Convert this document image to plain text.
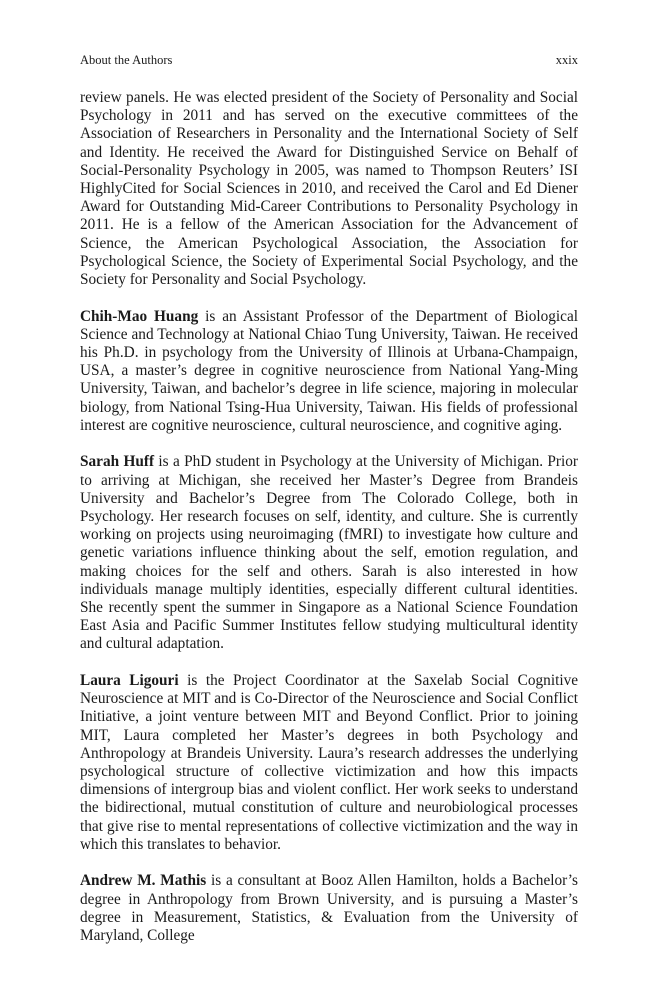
About the Authors	xxix

review panels. He was elected president of the Society of Personality and Social Psychology in 2011 and has served on the executive committees of the Association of Researchers in Personality and the International Society of Self and Identity. He received the Award for Distinguished Service on Behalf of Social-Personality Psychology in 2005, was named to Thompson Reuters’ ISI HighlyCited for Social Sciences in 2010, and received the Carol and Ed Diener Award for Outstanding Mid-Career Contributions to Personality Psychology in 2011. He is a fellow of the American Association for the Advancement of Science, the American Psychological Association, the Association for Psychological Science, the Society of Experimental Social Psychology, and the Society for Personality and Social Psychology.

Chih-Mao Huang is an Assistant Professor of the Department of Biological Science and Technology at National Chiao Tung University, Taiwan. He received his Ph.D. in psychology from the University of Illinois at Urbana-Champaign, USA, a master’s degree in cognitive neuroscience from National Yang-Ming University, Taiwan, and bachelor’s degree in life science, majoring in molecular biology, from National Tsing-Hua University, Taiwan. His fields of professional interest are cognitive neuroscience, cultural neuroscience, and cognitive aging.

Sarah Huff is a PhD student in Psychology at the University of Michigan. Prior to arriving at Michigan, she received her Master’s Degree from Brandeis University and Bachelor’s Degree from The Colorado College, both in Psychology. Her research focuses on self, identity, and culture. She is currently working on projects using neuroimaging (fMRI) to investigate how culture and genetic variations influence thinking about the self, emotion regulation, and making choices for the self and others. Sarah is also interested in how individuals manage multiply identities, especially different cultural identities. She recently spent the summer in Singapore as a National Science Foundation East Asia and Pacific Summer Institutes fellow studying multicultural identity and cultural adaptation.

Laura Ligouri is the Project Coordinator at the Saxelab Social Cognitive Neuroscience at MIT and is Co-Director of the Neuroscience and Social Conflict Initiative, a joint venture between MIT and Beyond Conflict. Prior to joining MIT, Laura completed her Master’s degrees in both Psychology and Anthropology at Brandeis University. Laura’s research addresses the underlying psychological structure of collective victimization and how this impacts dimensions of intergroup bias and violent conflict. Her work seeks to understand the bidirectional, mutual constitution of culture and neurobiological processes that give rise to mental representations of collective victimization and the way in which this translates to behavior.

Andrew M. Mathis is a consultant at Booz Allen Hamilton, holds a Bachelor’s degree in Anthropology from Brown University, and is pursuing a Master’s degree in Measurement, Statistics, & Evaluation from the University of Maryland, College
